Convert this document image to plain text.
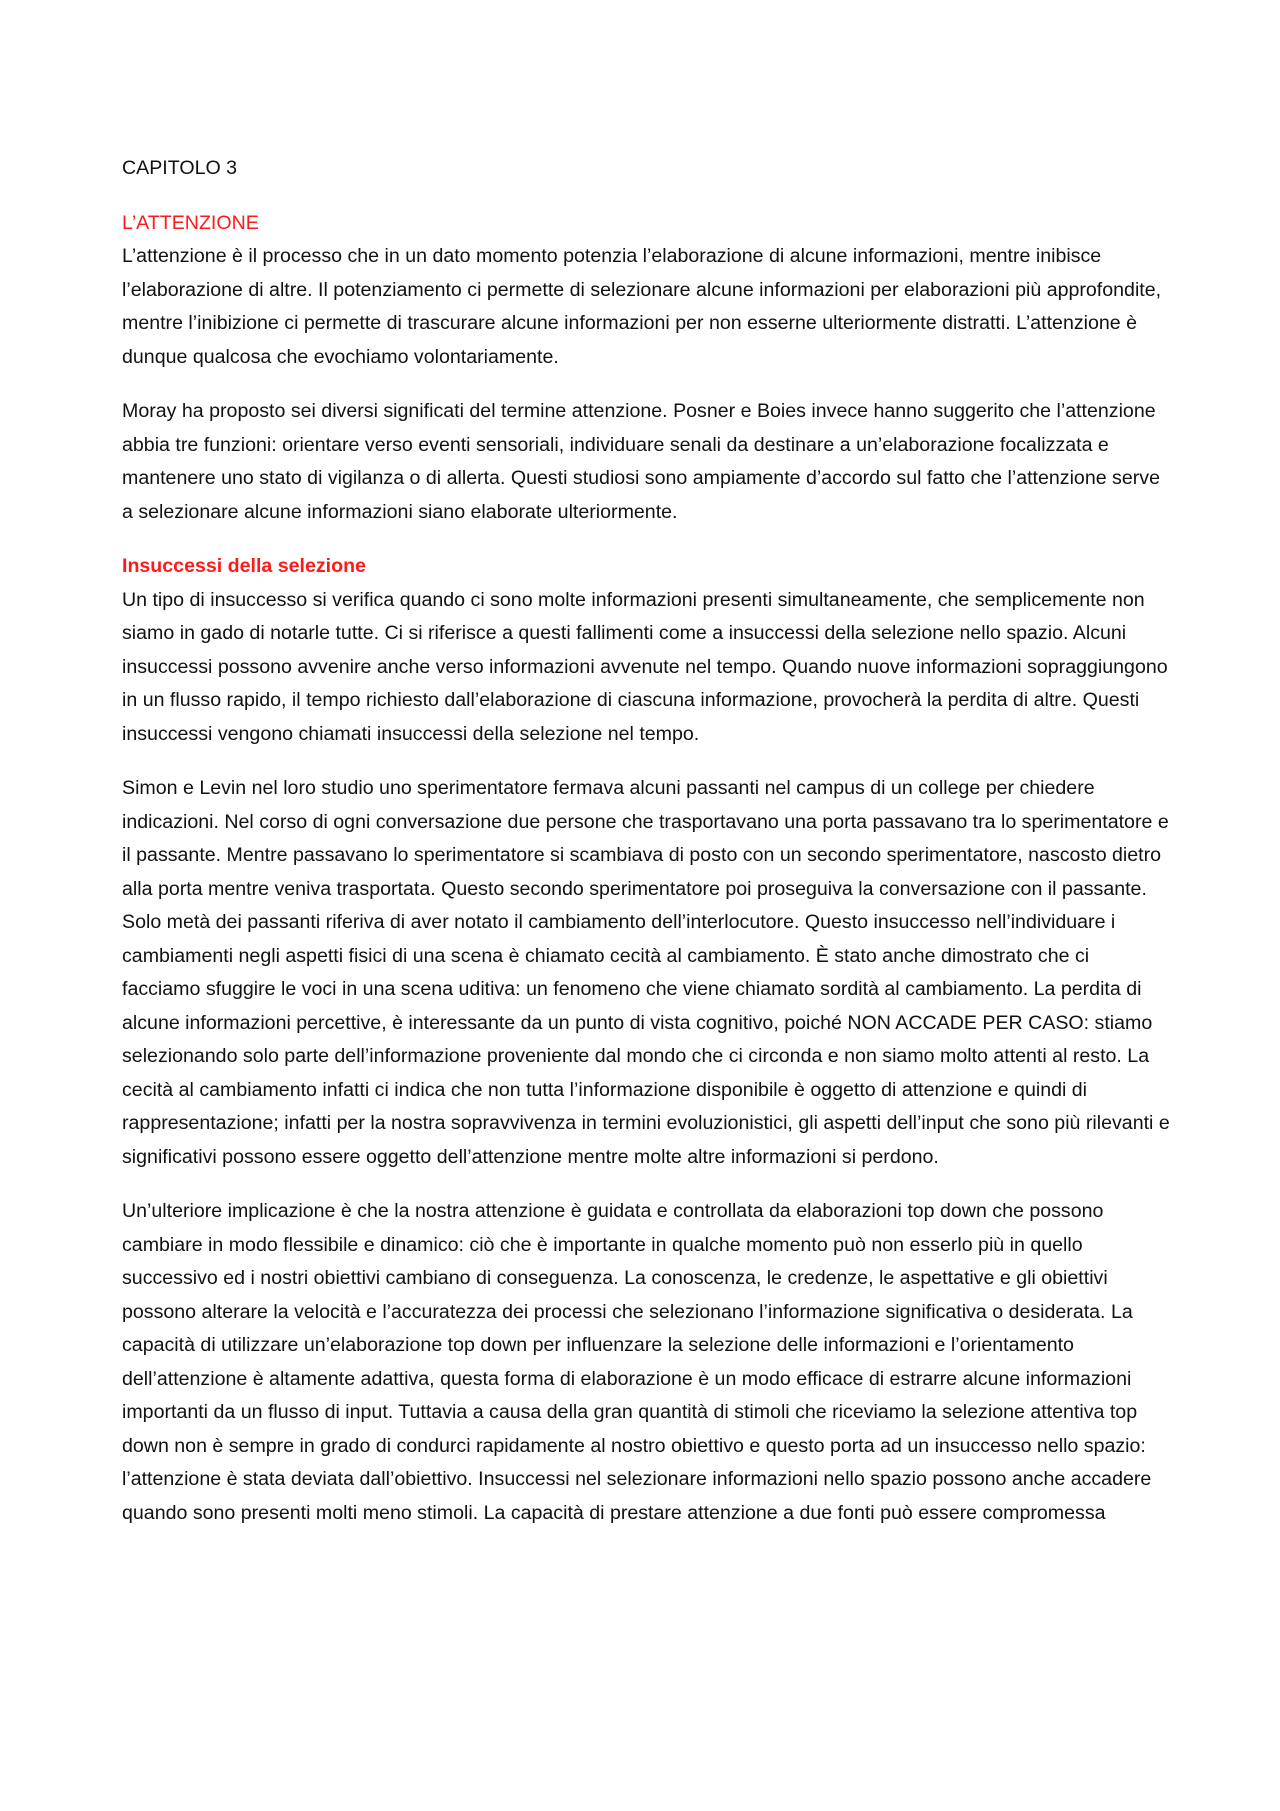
CAPITOLO 3
L’ATTENZIONE

L’attenzione è il processo che in un dato momento potenzia l’elaborazione di alcune informazioni, mentre inibisce l’elaborazione di altre. Il potenziamento ci permette di selezionare alcune informazioni per elaborazioni più approfondite, mentre l’inibizione ci permette di trascurare alcune informazioni per non esserne ulteriormente distratti. L’attenzione è dunque qualcosa che evochiamo volontariamente.

Moray ha proposto sei diversi significati del termine attenzione. Posner e Boies invece hanno suggerito che l’attenzione abbia tre funzioni: orientare verso eventi sensoriali, individuare senali da destinare a un’elaborazione focalizzata e mantenere uno stato di vigilanza o di allerta. Questi studiosi sono ampiamente d’accordo sul fatto che l’attenzione serve a selezionare alcune informazioni siano elaborate ulteriormente.

Insuccessi della selezione

Un tipo di insuccesso si verifica quando ci sono molte informazioni presenti simultaneamente, che semplicemente non siamo in gado di notarle tutte. Ci si riferisce a questi fallimenti come a insuccessi della selezione nello spazio. Alcuni insuccessi possono avvenire anche verso informazioni avvenute nel tempo. Quando nuove informazioni sopraggiungono in un flusso rapido, il tempo richiesto dall’elaborazione di ciascuna informazione, provocherà la perdita di altre. Questi insuccessi vengono chiamati insuccessi della selezione nel tempo.

Simon e Levin nel loro studio uno sperimentatore fermava alcuni passanti nel campus di un college per chiedere indicazioni. Nel corso di ogni conversazione due persone che trasportavano una porta passavano tra lo sperimentatore e il passante. Mentre passavano lo sperimentatore si scambiava di posto con un secondo sperimentatore, nascosto dietro alla porta mentre veniva trasportata. Questo secondo sperimentatore poi proseguiva la conversazione con il passante. Solo metà dei passanti riferiva di aver notato il cambiamento dell’interlocutore. Questo insuccesso nell’individuare i cambiamenti negli aspetti fisici di una scena è chiamato cecità al cambiamento. È stato anche dimostrato che ci facciamo sfuggire le voci in una scena uditiva: un fenomeno che viene chiamato sordità al cambiamento. La perdita di alcune informazioni percettive, è interessante da un punto di vista cognitivo, poiché NON ACCADE PER CASO: stiamo selezionando solo parte dell’informazione proveniente dal mondo che ci circonda e non siamo molto attenti al resto. La cecità al cambiamento infatti ci indica che non tutta l’informazione disponibile è oggetto di attenzione e quindi di rappresentazione; infatti per la nostra sopravvivenza in termini evoluzionistici, gli aspetti dell’input che sono più rilevanti e significativi possono essere oggetto dell’attenzione mentre molte altre informazioni si perdono.

Un’ulteriore implicazione è che la nostra attenzione è guidata e controllata da elaborazioni top down che possono cambiare in modo flessibile e dinamico: ciò che è importante in qualche momento può non esserlo più in quello successivo ed i nostri obiettivi cambiano di conseguenza. La conoscenza, le credenze, le aspettative e gli obiettivi possono alterare la velocità e l’accuratezza dei processi che selezionano l’informazione significativa o desiderata. La capacità di utilizzare un’elaborazione top down per influenzare la selezione delle informazioni e l’orientamento dell’attenzione è altamente adattiva, questa forma di elaborazione è un modo efficace di estrarre alcune informazioni importanti da un flusso di input. Tuttavia a causa della gran quantità di stimoli che riceviamo la selezione attentiva top down non è sempre in grado di condurci rapidamente al nostro obiettivo e questo porta ad un insuccesso nello spazio: l’attenzione è stata deviata dall’obiettivo. Insuccessi nel selezionare informazioni nello spazio possono anche accadere quando sono presenti molti meno stimoli. La capacità di prestare attenzione a due fonti può essere compromessa
